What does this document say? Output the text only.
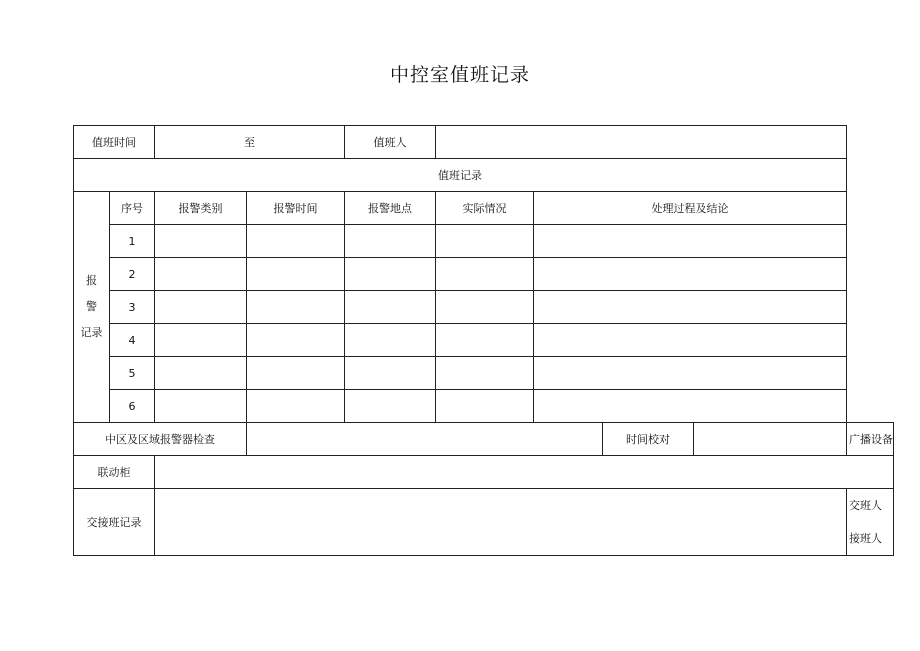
中控室值班记录
值班时间		至		值班人					
值班记录									

报警
记录	序号	报警类别	报警时间	报警地点	实际情况	处理过程及结论			
	1								
	2								
	3								
	4								
	5								
	6								
中区及区域报警器检查							时间校对		广播设备
联动柜									
交接班记录									交班人
接班人
